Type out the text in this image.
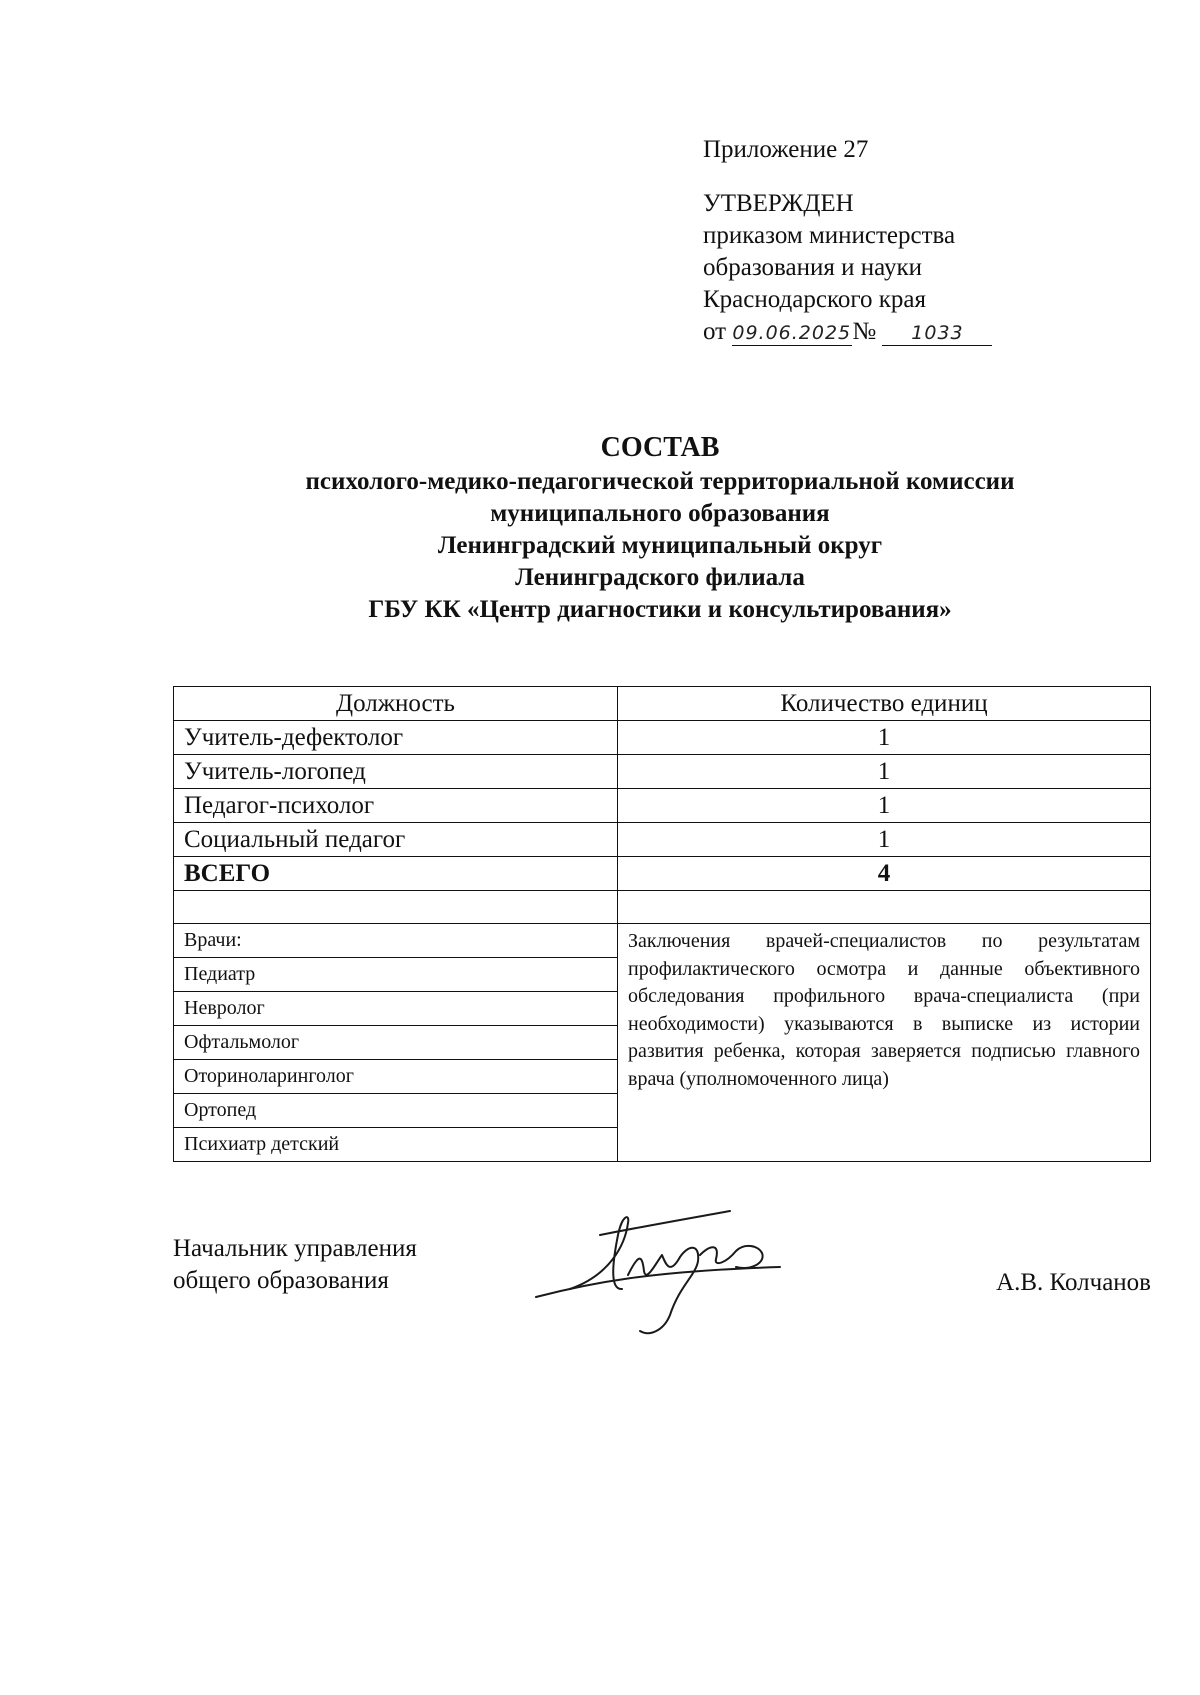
Приложение 27
УТВЕРЖДЕН
приказом министерства
образования и науки
Краснодарского края
от 09.06.2025№ 1033
СОСТАВ
психолого-медико-педагогической территориальной комиссии
муниципального образования
Ленинградский муниципальный округ
Ленинградского филиала
ГБУ КК «Центр диагностики и консультирования»
Должность	Количество единиц
Учитель-дефектолог	1
Учитель-логопед	1
Педагог-психолог	1
Социальный педагог	1
ВСЕГО	4

Врачи:	Заключения врачей-специалистов по результатам профилактического осмотра и данные объективного обследования профильного врача-специалиста (при необходимости) указываются в выписке из истории развития ребенка, которая заверяется подписью главного врача (уполномоченного лица)
Педиатр	
Невролог	
Офтальмолог	
Оториноларинголог	
Ортопед	
Психиатр детский	
Начальник управления
общего образования	А.В. Колчанов
